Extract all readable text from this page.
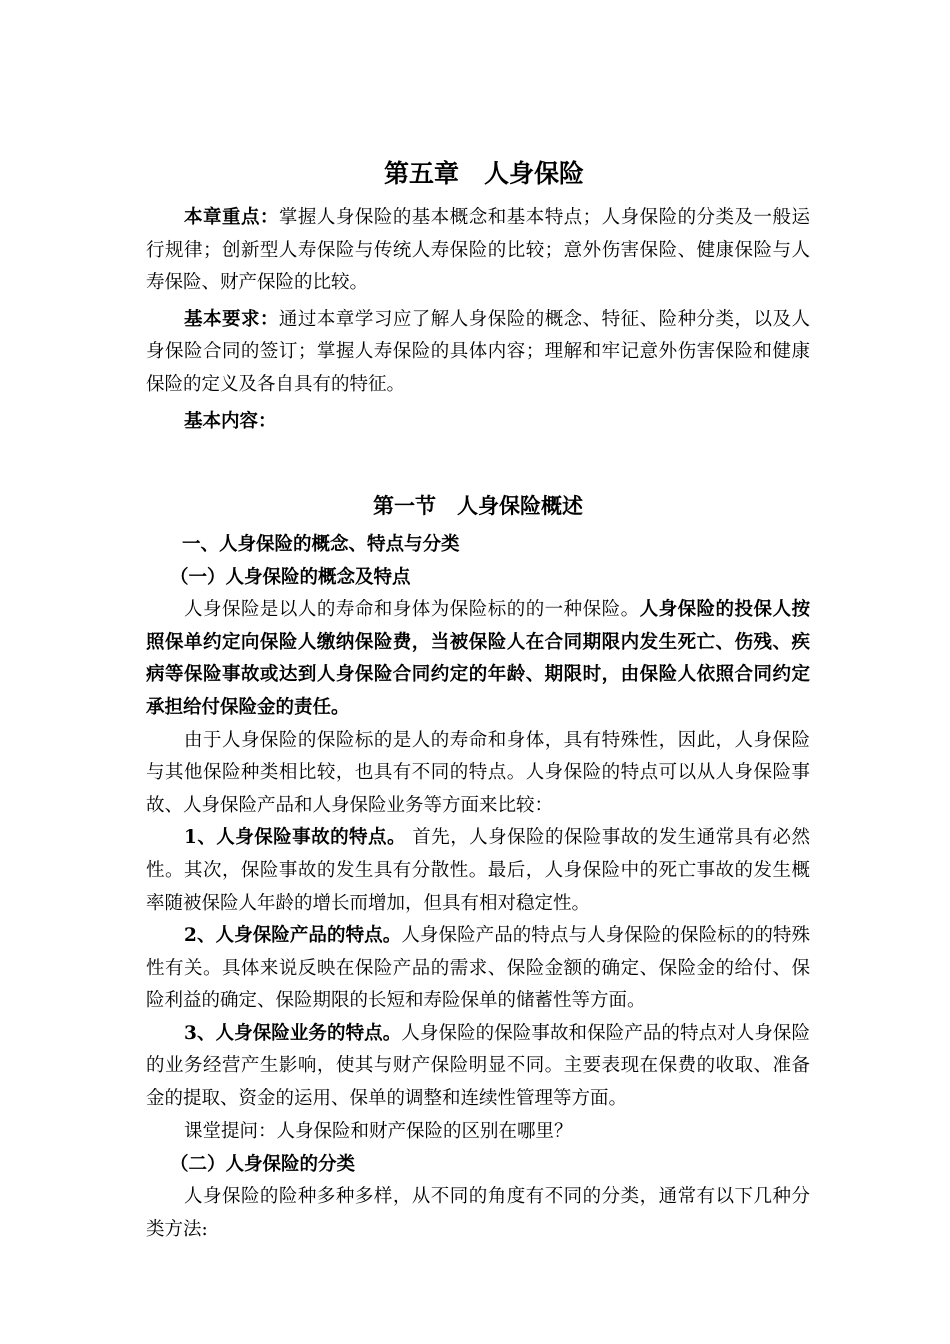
第五章　人身保险

本章重点：掌握人身保险的基本概念和基本特点；人身保险的分类及一般运行规律；创新型人寿保险与传统人寿保险的比较；意外伤害保险、健康保险与人寿保险、财产保险的比较。

基本要求：通过本章学习应了解人身保险的概念、特征、险种分类，以及人身保险合同的签订；掌握人寿保险的具体内容；理解和牢记意外伤害保险和健康保险的定义及各自具有的特征。

基本内容：

第一节　人身保险概述

一、人身保险的概念、特点与分类

（一）人身保险的概念及特点

人身保险是以人的寿命和身体为保险标的的一种保险。人身保险的投保人按照保单约定向保险人缴纳保险费，当被保险人在合同期限内发生死亡、伤残、疾病等保险事故或达到人身保险合同约定的年龄、期限时，由保险人依照合同约定承担给付保险金的责任。

由于人身保险的保险标的是人的寿命和身体，具有特殊性，因此，人身保险与其他保险种类相比较，也具有不同的特点。人身保险的特点可以从人身保险事故、人身保险产品和人身保险业务等方面来比较：

1、人身保险事故的特点。 首先，人身保险的保险事故的发生通常具有必然性。其次，保险事故的发生具有分散性。最后，人身保险中的死亡事故的发生概率随被保险人年龄的增长而增加，但具有相对稳定性。

2、人身保险产品的特点。人身保险产品的特点与人身保险的保险标的的特殊性有关。具体来说反映在保险产品的需求、保险金额的确定、保险金的给付、保险利益的确定、保险期限的长短和寿险保单的储蓄性等方面。

3、人身保险业务的特点。人身保险的保险事故和保险产品的特点对人身保险的业务经营产生影响，使其与财产保险明显不同。主要表现在保费的收取、准备金的提取、资金的运用、保单的调整和连续性管理等方面。

课堂提问：人身保险和财产保险的区别在哪里？

（二）人身保险的分类

人身保险的险种多种多样，从不同的角度有不同的分类，通常有以下几种分类方法:
